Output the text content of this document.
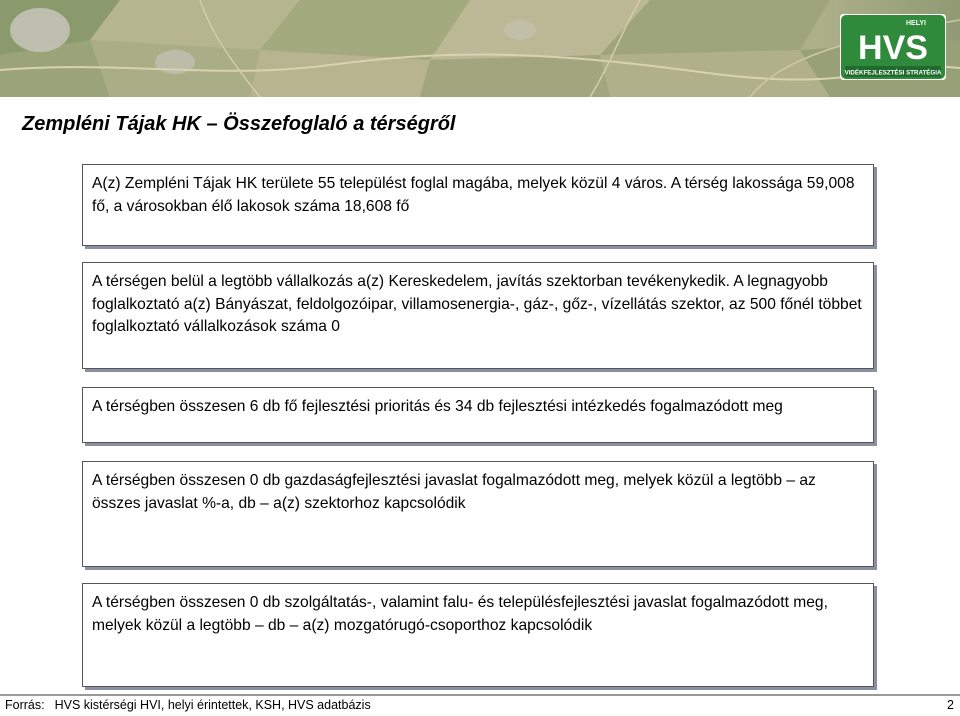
HELYI
HVS
VIDÉKFEJLESZTÉSI STRATÉGIA
Zempléni Tájak HK – Összefoglaló a térségről

A(z) Zempléni Tájak HK területe 55 települést foglal magába, melyek közül 4 város. A térség lakossága 59,008 fő, a városokban élő lakosok száma 18,608 fő

A térségen belül a legtöbb vállalkozás a(z) Kereskedelem, javítás szektorban tevékenykedik. A legnagyobb foglalkoztató a(z) Bányászat, feldolgozóipar, villamosenergia-, gáz-, gőz-, vízellátás szektor, az 500 főnél többet foglalkoztató vállalkozások száma 0

A térségben összesen 6 db fő fejlesztési prioritás és 34 db fejlesztési intézkedés fogalmazódott meg

A térségben összesen 0 db gazdaságfejlesztési javaslat fogalmazódott meg, melyek közül a legtöbb – az összes javaslat %-a, db – a(z) szektorhoz kapcsolódik

A térségben összesen 0 db szolgáltatás-, valamint falu- és településfejlesztési javaslat fogalmazódott meg, melyek közül a legtöbb – db – a(z) mozgatórugó-csoporthoz kapcsolódik

Forrás: HVS kistérségi HVI, helyi érintettek, KSH, HVS adatbázis	2
